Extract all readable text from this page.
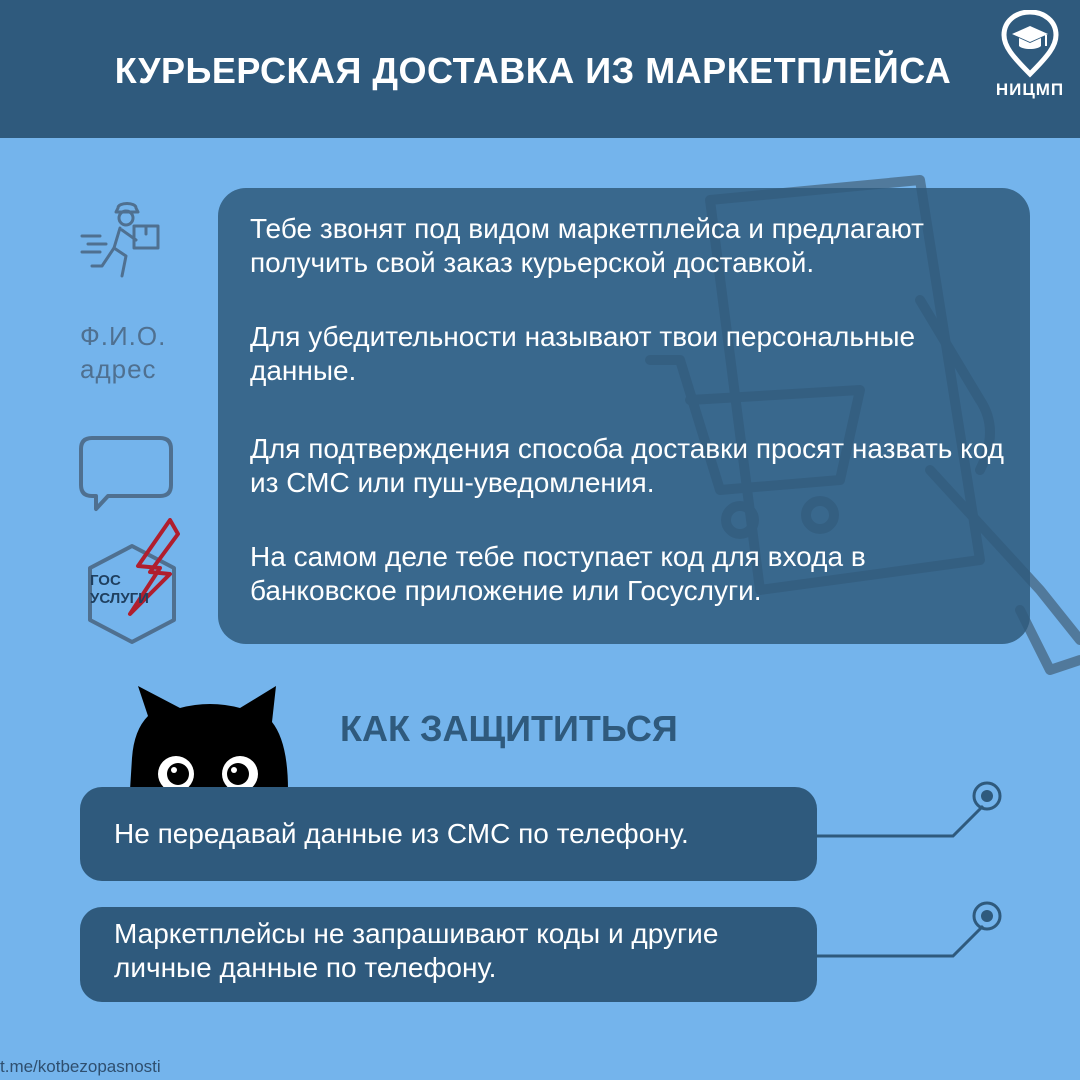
КУРЬЕРСКАЯ ДОСТАВКА ИЗ МАРКЕТПЛЕЙСА	НИЦМП
Ф.И.О.
адрес
ГОС
УСЛУГИ

Тебе звонят под видом маркетплейса и предлагают получить свой заказ курьерской доставкой.

Для убедительности называют твои персональные данные.

Для подтверждения способа доставки просят назвать код из СМС или пуш-уведомления.

На самом деле тебе поступает код для входа в банковское приложение или Госуслуги.

КАК ЗАЩИТИТЬСЯ
Не передавай данные из СМС по телефону.
Маркетплейсы не запрашивают коды и другие личные данные по телефону.
t.me/kotbezopasnosti
